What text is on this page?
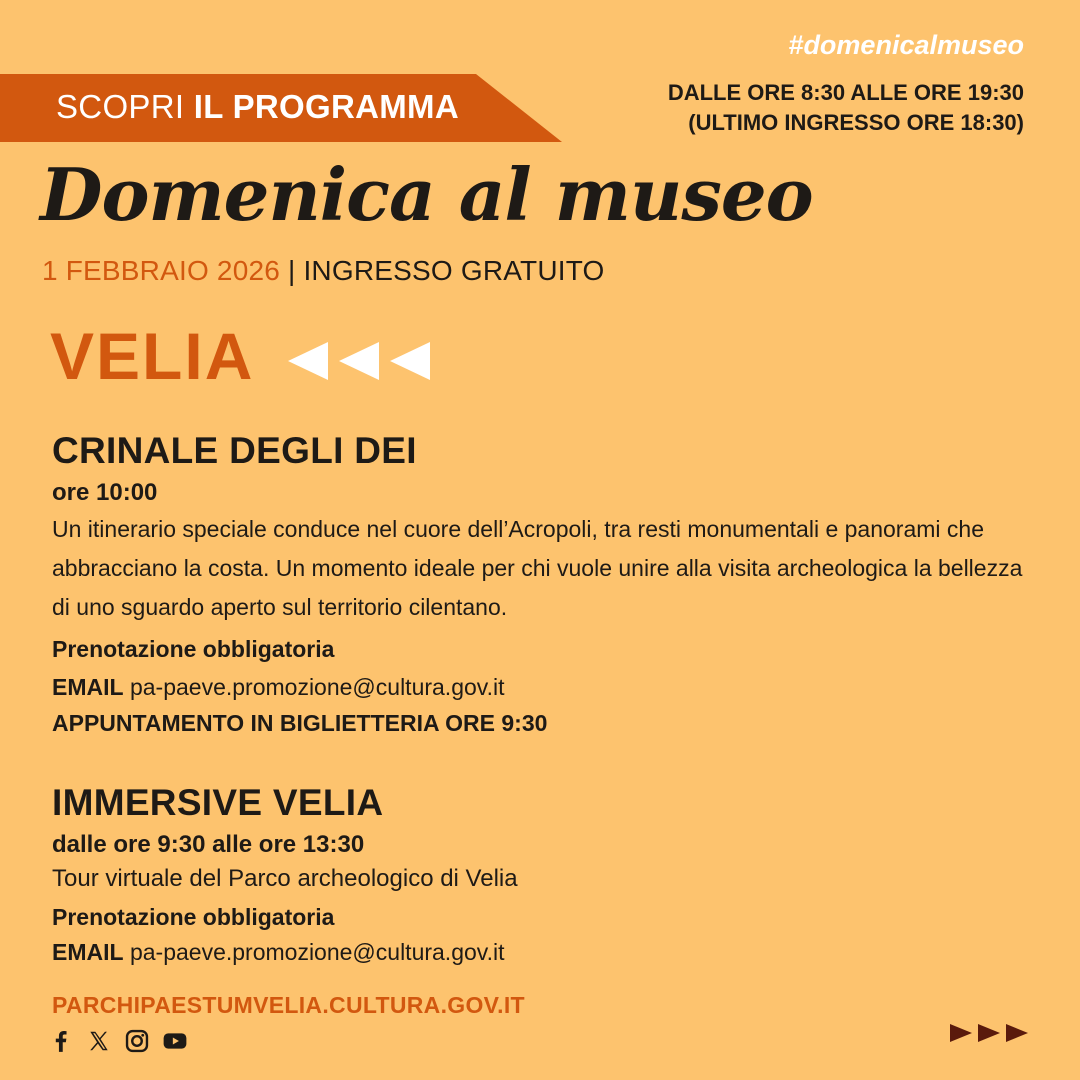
SCOPRI IL PROGRAMMA

#domenicalmuseo
DALLE ORE 8:30 ALLE ORE 19:30
(ULTIMO INGRESSO ORE 18:30)
Domenica al museo
1 FEBBRAIO 2026 | INGRESSO GRATUITO
VELIA
CRINALE DEGLI DEI
ore 10:00
Un itinerario speciale conduce nel cuore dell’Acropoli, tra resti monumentali e panorami che abbracciano la costa. Un momento ideale per chi vuole unire alla visita archeologica la bellezza di uno sguardo aperto sul territorio cilentano.
Prenotazione obbligatoria
EMAIL pa-paeve.promozione@cultura.gov.it
APPUNTAMENTO IN BIGLIETTERIA ORE 9:30
IMMERSIVE VELIA
dalle ore 9:30 alle ore 13:30
Tour virtuale del Parco archeologico di Velia
Prenotazione obbligatoria
EMAIL pa-paeve.promozione@cultura.gov.it
PARCHIPAESTUMVELIA.CULTURA.GOV.IT
